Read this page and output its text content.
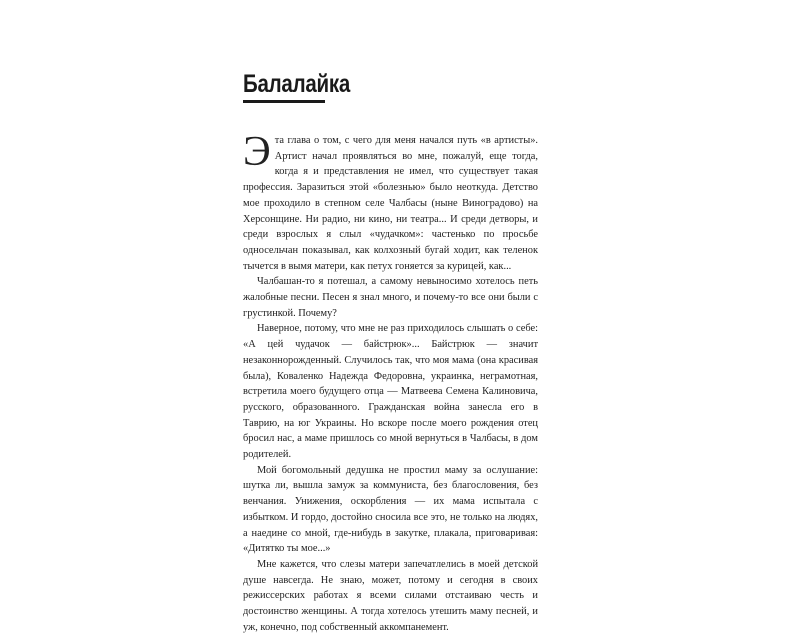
Балалайка

Эта глава о том, с чего для меня начался путь «в артисты». Артист начал проявляться во мне, пожалуй, еще тогда, когда я и представления не имел, что существует такая профессия. Заразиться этой «болезнью» было неоткуда. Детство мое проходило в степном селе Чалбасы (ныне Виноградово) на Херсонщине. Ни радио, ни кино, ни театра... И среди детворы, и среди взрослых я слыл «чудачком»: частенько по просьбе односельчан показывал, как колхозный бугай ходит, как теленок тычется в вымя матери, как петух гоняется за курицей, как...

Чалбашан-то я потешал, а самому невыносимо хотелось петь жалобные песни. Песен я знал много, и почему-то все они были с грустинкой. Почему?

Наверное, потому, что мне не раз приходилось слышать о себе: «А цей чудачок — байстрюк»... Байстрюк — значит незаконнорожденный. Случилось так, что моя мама (она красивая была), Коваленко Надежда Федоровна, украинка, неграмотная, встретила моего будущего отца — Матвеева Семена Калиновича, русского, образованного. Гражданская война занесла его в Таврию, на юг Украины. Но вскоре после моего рождения отец бросил нас, а маме пришлось со мной вернуться в Чалбасы, в дом родителей.

Мой богомольный дедушка не простил маму за ослушание: шутка ли, вышла замуж за коммуниста, без благословения, без венчания. Унижения, оскорбления — их мама испытала с избытком. И гордо, достойно сносила все это, не только на людях, а наедине со мной, где-нибудь в закутке, плакала, приговаривая: «Дитятко ты мое...»

Мне кажется, что слезы матери запечатлелись в моей детской душе навсегда. Не знаю, может, потому и сегодня в своих режиссерских работах я всеми силами отстаиваю честь и достоинство женщины. А тогда хотелось утешить маму песней, и уж, конечно, под собственный аккомпанемент.
